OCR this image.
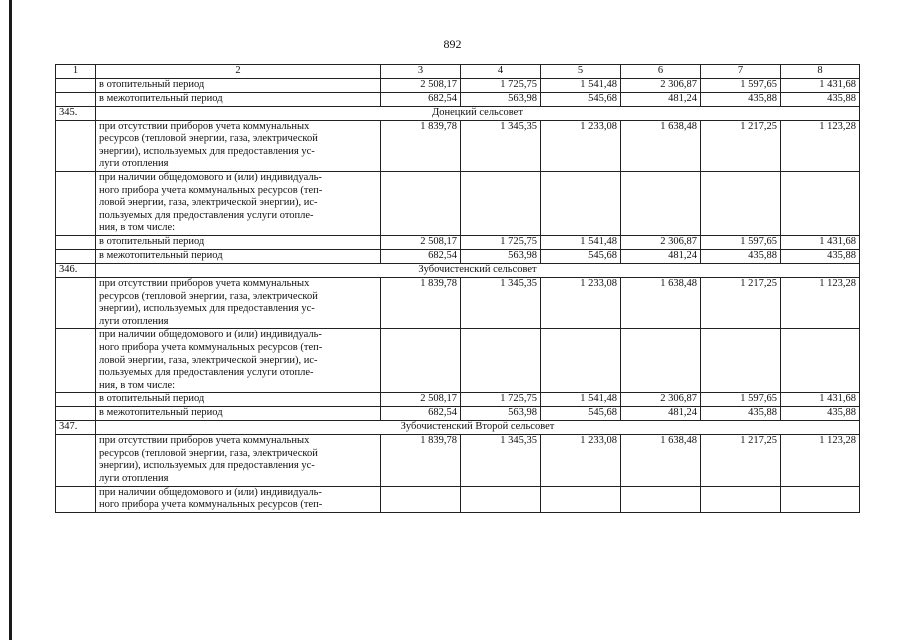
892
1	2	3	4	5	6	7	8

	в отопительный период	2 508,17	1 725,75	1 541,48	2 306,87	1 597,65	1 431,68

	в межотопительный период	682,54	563,98	545,68	481,24	435,88	435,88
345.	Донецкий сельсовет						

	при отсутствии приборов учета коммунальных
ресурсов (тепловой энергии, газа, электрической
энергии), используемых для предоставления ус-
луги отопления	1 839,78	1 345,35	1 233,08	1 638,48	1 217,25	1 123,28

	при наличии общедомового и (или) индивидуаль-
ного прибора учета коммунальных ресурсов (теп-
ловой энергии, газа, электрической энергии), ис-
пользуемых для предоставления услуги отопле-
ния, в том числе:						

	в отопительный период	2 508,17	1 725,75	1 541,48	2 306,87	1 597,65	1 431,68

	в межотопительный период	682,54	563,98	545,68	481,24	435,88	435,88
346.	Зубочистенский сельсовет						

	при отсутствии приборов учета коммунальных
ресурсов (тепловой энергии, газа, электрической
энергии), используемых для предоставления ус-
луги отопления	1 839,78	1 345,35	1 233,08	1 638,48	1 217,25	1 123,28

	при наличии общедомового и (или) индивидуаль-
ного прибора учета коммунальных ресурсов (теп-
ловой энергии, газа, электрической энергии), ис-
пользуемых для предоставления услуги отопле-
ния, в том числе:						

	в отопительный период	2 508,17	1 725,75	1 541,48	2 306,87	1 597,65	1 431,68

	в межотопительный период	682,54	563,98	545,68	481,24	435,88	435,88
347.	Зубочистенский Второй сельсовет						

	при отсутствии приборов учета коммунальных
ресурсов (тепловой энергии, газа, электрической
энергии), используемых для предоставления ус-
луги отопления	1 839,78	1 345,35	1 233,08	1 638,48	1 217,25	1 123,28

	при наличии общедомового и (или) индивидуаль-
ного прибора учета коммунальных ресурсов (теп-						
